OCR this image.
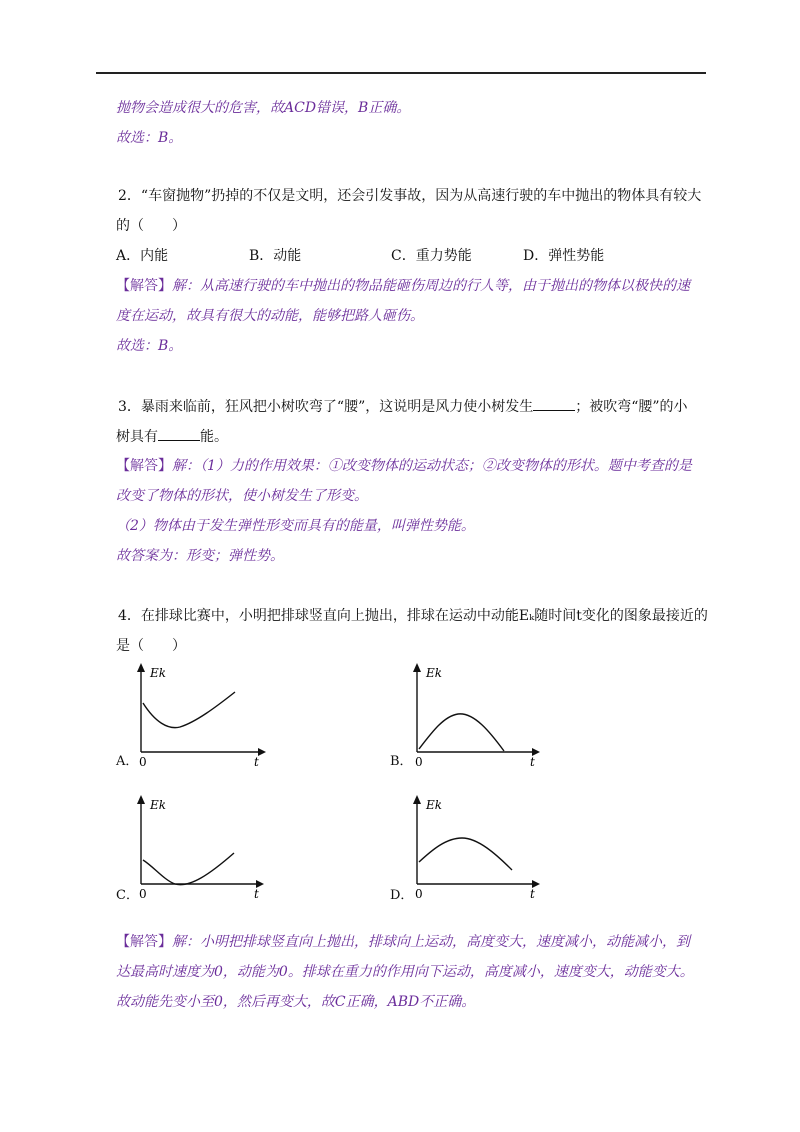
抛物会造成很大的危害，故ACD错误，B正确。
故选：B。
2．“车窗抛物”扔掉的不仅是文明，还会引发事故，因为从高速行驶的车中抛出的物体具有较大
的（　　）
A．内能	B．动能	C．重力势能	D．弹性势能
【解答】解：从高速行驶的车中抛出的物品能砸伤周边的行人等，由于抛出的物体以极快的速
度在运动，故具有很大的动能，能够把路人砸伤。
故选：B。
3．暴雨来临前，狂风把小树吹弯了“腰”，这说明是风力使小树发生	；被吹弯“腰”的小
树具有	能。
【解答】解：（1）力的作用效果：①改变物体的运动状态；②改变物体的形状。题中考查的是
改变了物体的形状，使小树发生了形变。
（2）物体由于发生弹性形变而具有的能量，叫弹性势能。
故答案为：形变；弹性势。
4．在排球比赛中，小明把排球竖直向上抛出，排球在运动中动能Eₖ随时间t变化的图象最接近的
是（　　）
A．
Ek
t
0	B．
Ek
t
0
C．
Ek
t
0	D．
Ek
t
0
【解答】解：小明把排球竖直向上抛出，排球向上运动，高度变大，速度减小，动能减小，到
达最高时速度为0，动能为0。排球在重力的作用向下运动，高度减小，速度变大，动能变大。
故动能先变小至0，然后再变大，故C正确，ABD不正确。
